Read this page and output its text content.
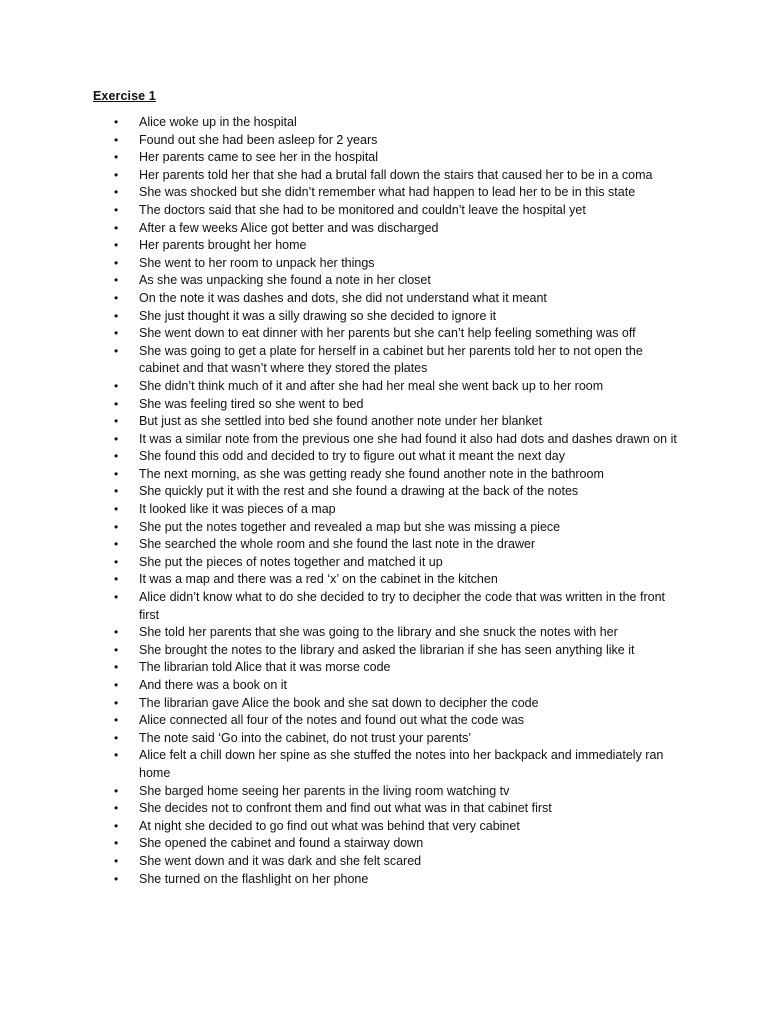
Exercise 1
• Alice woke up in the hospital
• Found out she had been asleep for 2 years
• Her parents came to see her in the hospital
• Her parents told her that she had a brutal fall down the stairs that caused her to be in a coma
• She was shocked but she didn’t remember what had happen to lead her to be in this state
• The doctors said that she had to be monitored and couldn’t leave the hospital yet
• After a few weeks Alice got better and was discharged
• Her parents brought her home
• She went to her room to unpack her things
• As she was unpacking she found a note in her closet
• On the note it was dashes and dots, she did not understand what it meant
• She just thought it was a silly drawing so she decided to ignore it
• She went down to eat dinner with her parents but she can’t help feeling something was off
• She was going to get a plate for herself in a cabinet but her parents told her to not open the cabinet and that wasn’t where they stored the plates
• She didn’t think much of it and after she had her meal she went back up to her room
• She was feeling tired so she went to bed
• But just as she settled into bed she found another note under her blanket
• It was a similar note from the previous one she had found it also had dots and dashes drawn on it
• She found this odd and decided to try to figure out what it meant the next day
• The next morning, as she was getting ready she found another note in the bathroom
• She quickly put it with the rest and she found a drawing at the back of the notes
• It looked like it was pieces of a map
• She put the notes together and revealed a map but she was missing a piece
• She searched the whole room and she found the last note in the drawer
• She put the pieces of notes together and matched it up
• It was a map and there was a red ‘x’ on the cabinet in the kitchen
• Alice didn’t know what to do she decided to try to decipher the code that was written in the front first
• She told her parents that she was going to the library and she snuck the notes with her
• She brought the notes to the library and asked the librarian if she has seen anything like it
• The librarian told Alice that it was morse code
• And there was a book on it
• The librarian gave Alice the book and she sat down to decipher the code
• Alice connected all four of the notes and found out what the code was
• The note said ‘Go into the cabinet, do not trust your parents’
• Alice felt a chill down her spine as she stuffed the notes into her backpack and immediately ran home
• She barged home seeing her parents in the living room watching tv
• She decides not to confront them and find out what was in that cabinet first
• At night she decided to go find out what was behind that very cabinet
• She opened the cabinet and found a stairway down
• She went down and it was dark and she felt scared
• She turned on the flashlight on her phone
